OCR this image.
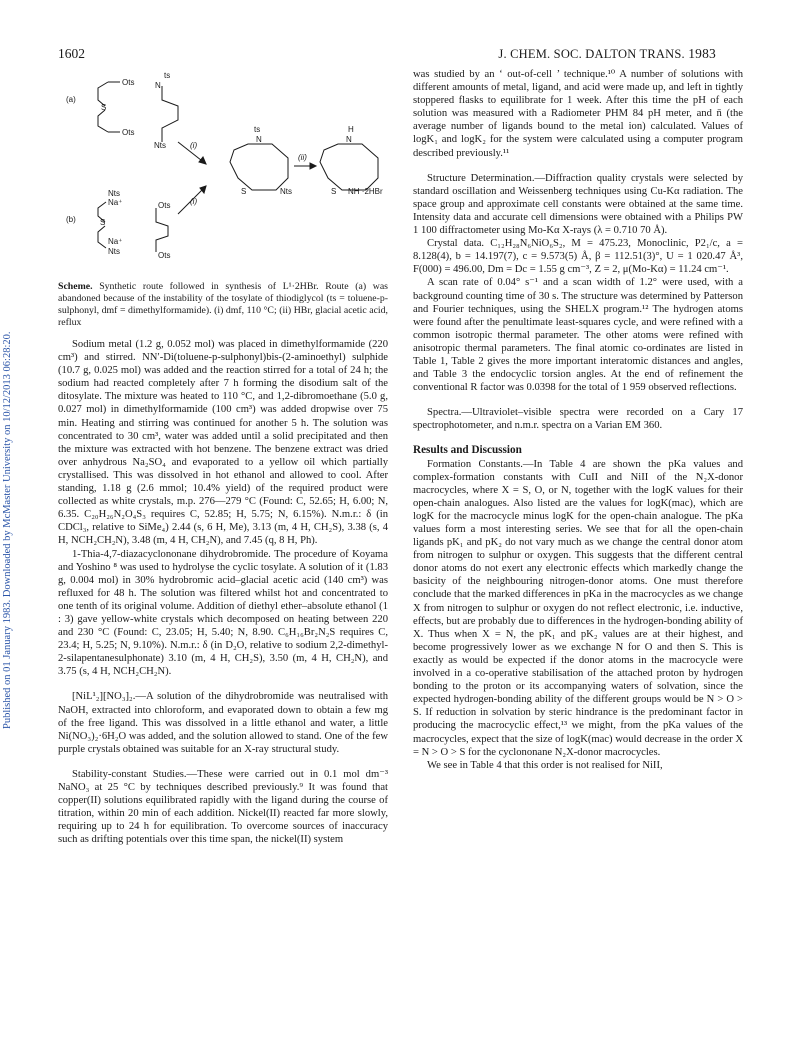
1602	J. CHEM. SOC. DALTON TRANS. 1983
Published on 01 January 1983. Downloaded by McMaster University on 10/12/2013 06:28:20.
(a)
Ots
S
Ots
ts
N
Nts	(i)
(i)
(b)
Nts
Na⁺
S
Na⁺
Nts
Ots
Ots
ts
N
S	Nts
(ii)
H
N
S NH ·2HBr
Scheme. Synthetic route followed in synthesis of L¹·2HBr. Route (a) was abandoned because of the instability of the tosylate of thiodiglycol (ts = toluene-p-sulphonyl, dmf = dimethylformamide). (i) dmf, 110 °C; (ii) HBr, glacial acetic acid, reflux

Sodium metal (1.2 g, 0.052 mol) was placed in dimethylformamide (220 cm³) and stirred. NN′-Di(toluene-p-sulphonyl)bis-(2-aminoethyl) sulphide (10.7 g, 0.025 mol) was added and the reaction stirred for a total of 24 h; the sodium had reacted completely after 7 h forming the disodium salt of the ditosylate. The mixture was heated to 110 °C, and 1,2-dibromoethane (5.0 g, 0.027 mol) in dimethylformamide (100 cm³) was added dropwise over 75 min. Heating and stirring was continued for another 5 h. The solution was concentrated to 30 cm³, water was added until a solid precipitated and then the mixture was extracted with hot benzene. The benzene extract was dried over anhydrous Na₂SO₄ and evaporated to a yellow oil which partially crystallised. This was dissolved in hot ethanol and allowed to cool. After standing, 1.18 g (2.6 mmol; 10.4% yield) of the required product were collected as white crystals, m.p. 276—279 °C (Found: C, 52.65; H, 6.00; N, 6.35. C₂₀H₂₆N₂O₄S₃ requires C, 52.85; H, 5.75; N, 6.15%). N.m.r.: δ (in CDCl₃, relative to SiMe₄) 2.44 (s, 6 H, Me), 3.13 (m, 4 H, CH₂S), 3.38 (s, 4 H, NCH₂CH₂N), 3.48 (m, 4 H, CH₂N), and 7.45 (q, 8 H, Ph).

1-Thia-4,7-diazacyclononane dihydrobromide. The procedure of Koyama and Yoshino ⁸ was used to hydrolyse the cyclic tosylate. A solution of it (1.83 g, 0.004 mol) in 30% hydrobromic acid–glacial acetic acid (140 cm³) was refluxed for 48 h. The solution was filtered whilst hot and concentrated to one tenth of its original volume. Addition of diethyl ether–absolute ethanol (1 : 3) gave yellow-white crystals which decomposed on heating between 220 and 230 °C (Found: C, 23.05; H, 5.40; N, 8.90. C₆H₁₆Br₂N₂S requires C, 23.4; H, 5.25; N, 9.10%). N.m.r.: δ (in D₂O, relative to sodium 2,2-dimethyl-2-silapentanesulphonate) 3.10 (m, 4 H, CH₂S), 3.50 (m, 4 H, CH₂N), and 3.75 (s, 4 H, NCH₂CH₂N).

[NiL¹₂][NO₃]₂.—A solution of the dihydrobromide was neutralised with NaOH, extracted into chloroform, and evaporated down to obtain a few mg of the free ligand. This was dissolved in a little ethanol and water, a little Ni(NO₃)₂·6H₂O was added, and the solution allowed to stand. One of the few purple crystals obtained was suitable for an X-ray structural study.

Stability-constant Studies.—These were carried out in 0.1 mol dm⁻³ NaNO₃ at 25 °C by techniques described previously.⁹ It was found that copper(II) solutions equilibrated rapidly with the ligand during the course of titration, within 20 min of each addition. Nickel(II) reacted far more slowly, requiring up to 24 h for equilibration. To overcome sources of inaccuracy such as drifting potentials over this time span, the nickel(II) system

was studied by an ‘ out-of-cell ’ technique.¹⁰ A number of solutions with different amounts of metal, ligand, and acid were made up, and left in tightly stoppered flasks to equilibrate for 1 week. After this time the pH of each solution was measured with a Radiometer PHM 84 pH meter, and n̄ (the average number of ligands bound to the metal ion) calculated. Values of logK₁ and logK₂ for the system were calculated using a computer program described previously.¹¹

Structure Determination.—Diffraction quality crystals were selected by standard oscillation and Weissenberg techniques using Cu-Kα radiation. The space group and approximate cell constants were obtained at the same time. Intensity data and accurate cell dimensions were obtained with a Philips PW 1 100 diffractometer using Mo-Kα X-rays (λ = 0.710 70 Å).

Crystal data. C₁₂H₂₈N₆NiO₆S₂, M = 475.23, Monoclinic, P2₁/c, a = 8.128(4), b = 14.197(7), c = 9.573(5) Å, β = 112.51(3)°, U = 1 020.47 Å³, F(000) = 496.00, Dm = Dc = 1.55 g cm⁻³, Z = 2, μ(Mo-Kα) = 11.24 cm⁻¹.

A scan rate of 0.04° s⁻¹ and a scan width of 1.2° were used, with a background counting time of 30 s. The structure was determined by Patterson and Fourier techniques, using the SHELX program.¹² The hydrogen atoms were found after the penultimate least-squares cycle, and were refined with a common isotropic thermal parameter. The other atoms were refined with anisotropic thermal parameters. The final atomic co-ordinates are listed in Table 1, Table 2 gives the more important interatomic distances and angles, and Table 3 the endocyclic torsion angles. At the end of refinement the conventional R factor was 0.0398 for the total of 1 959 observed reflections.

Spectra.—Ultraviolet–visible spectra were recorded on a Cary 17 spectrophotometer, and n.m.r. spectra on a Varian EM 360.

Results and Discussion

Formation Constants.—In Table 4 are shown the pKa values and complex-formation constants with CuII and NiII of the N₂X-donor macrocycles, where X = S, O, or N, together with the logK values for their open-chain analogues. Also listed are the values for logK(mac), which are logK for the macrocycle minus logK for the open-chain analogue. The pKa values form a most interesting series. We see that for all the open-chain ligands pK₁ and pK₂ do not vary much as we change the central donor atom from nitrogen to sulphur or oxygen. This suggests that the different central donor atoms do not exert any electronic effects which markedly change the basicity of the neighbouring nitrogen-donor atoms. One must therefore conclude that the marked differences in pKa in the macrocycles as we change X from nitrogen to sulphur or oxygen do not reflect electronic, i.e. inductive, effects, but are probably due to differences in the hydrogen-bonding ability of X. Thus when X = N, the pK₁ and pK₂ values are at their highest, and become progressively lower as we exchange N for O and then S. This is exactly as would be expected if the donor atoms in the macrocycle were involved in a co-operative stabilisation of the attached proton by hydrogen bonding to the proton or its accompanying waters of solvation, since the expected hydrogen-bonding ability of the different groups would be N > O > S. If reduction in solvation by steric hindrance is the predominant factor in producing the macrocyclic effect,¹³ we might, from the pKa values of the macrocycles, expect that the size of logK(mac) would decrease in the order X = N > O > S for the cyclononane N₂X-donor macrocycles.

We see in Table 4 that this order is not realised for NiII,
